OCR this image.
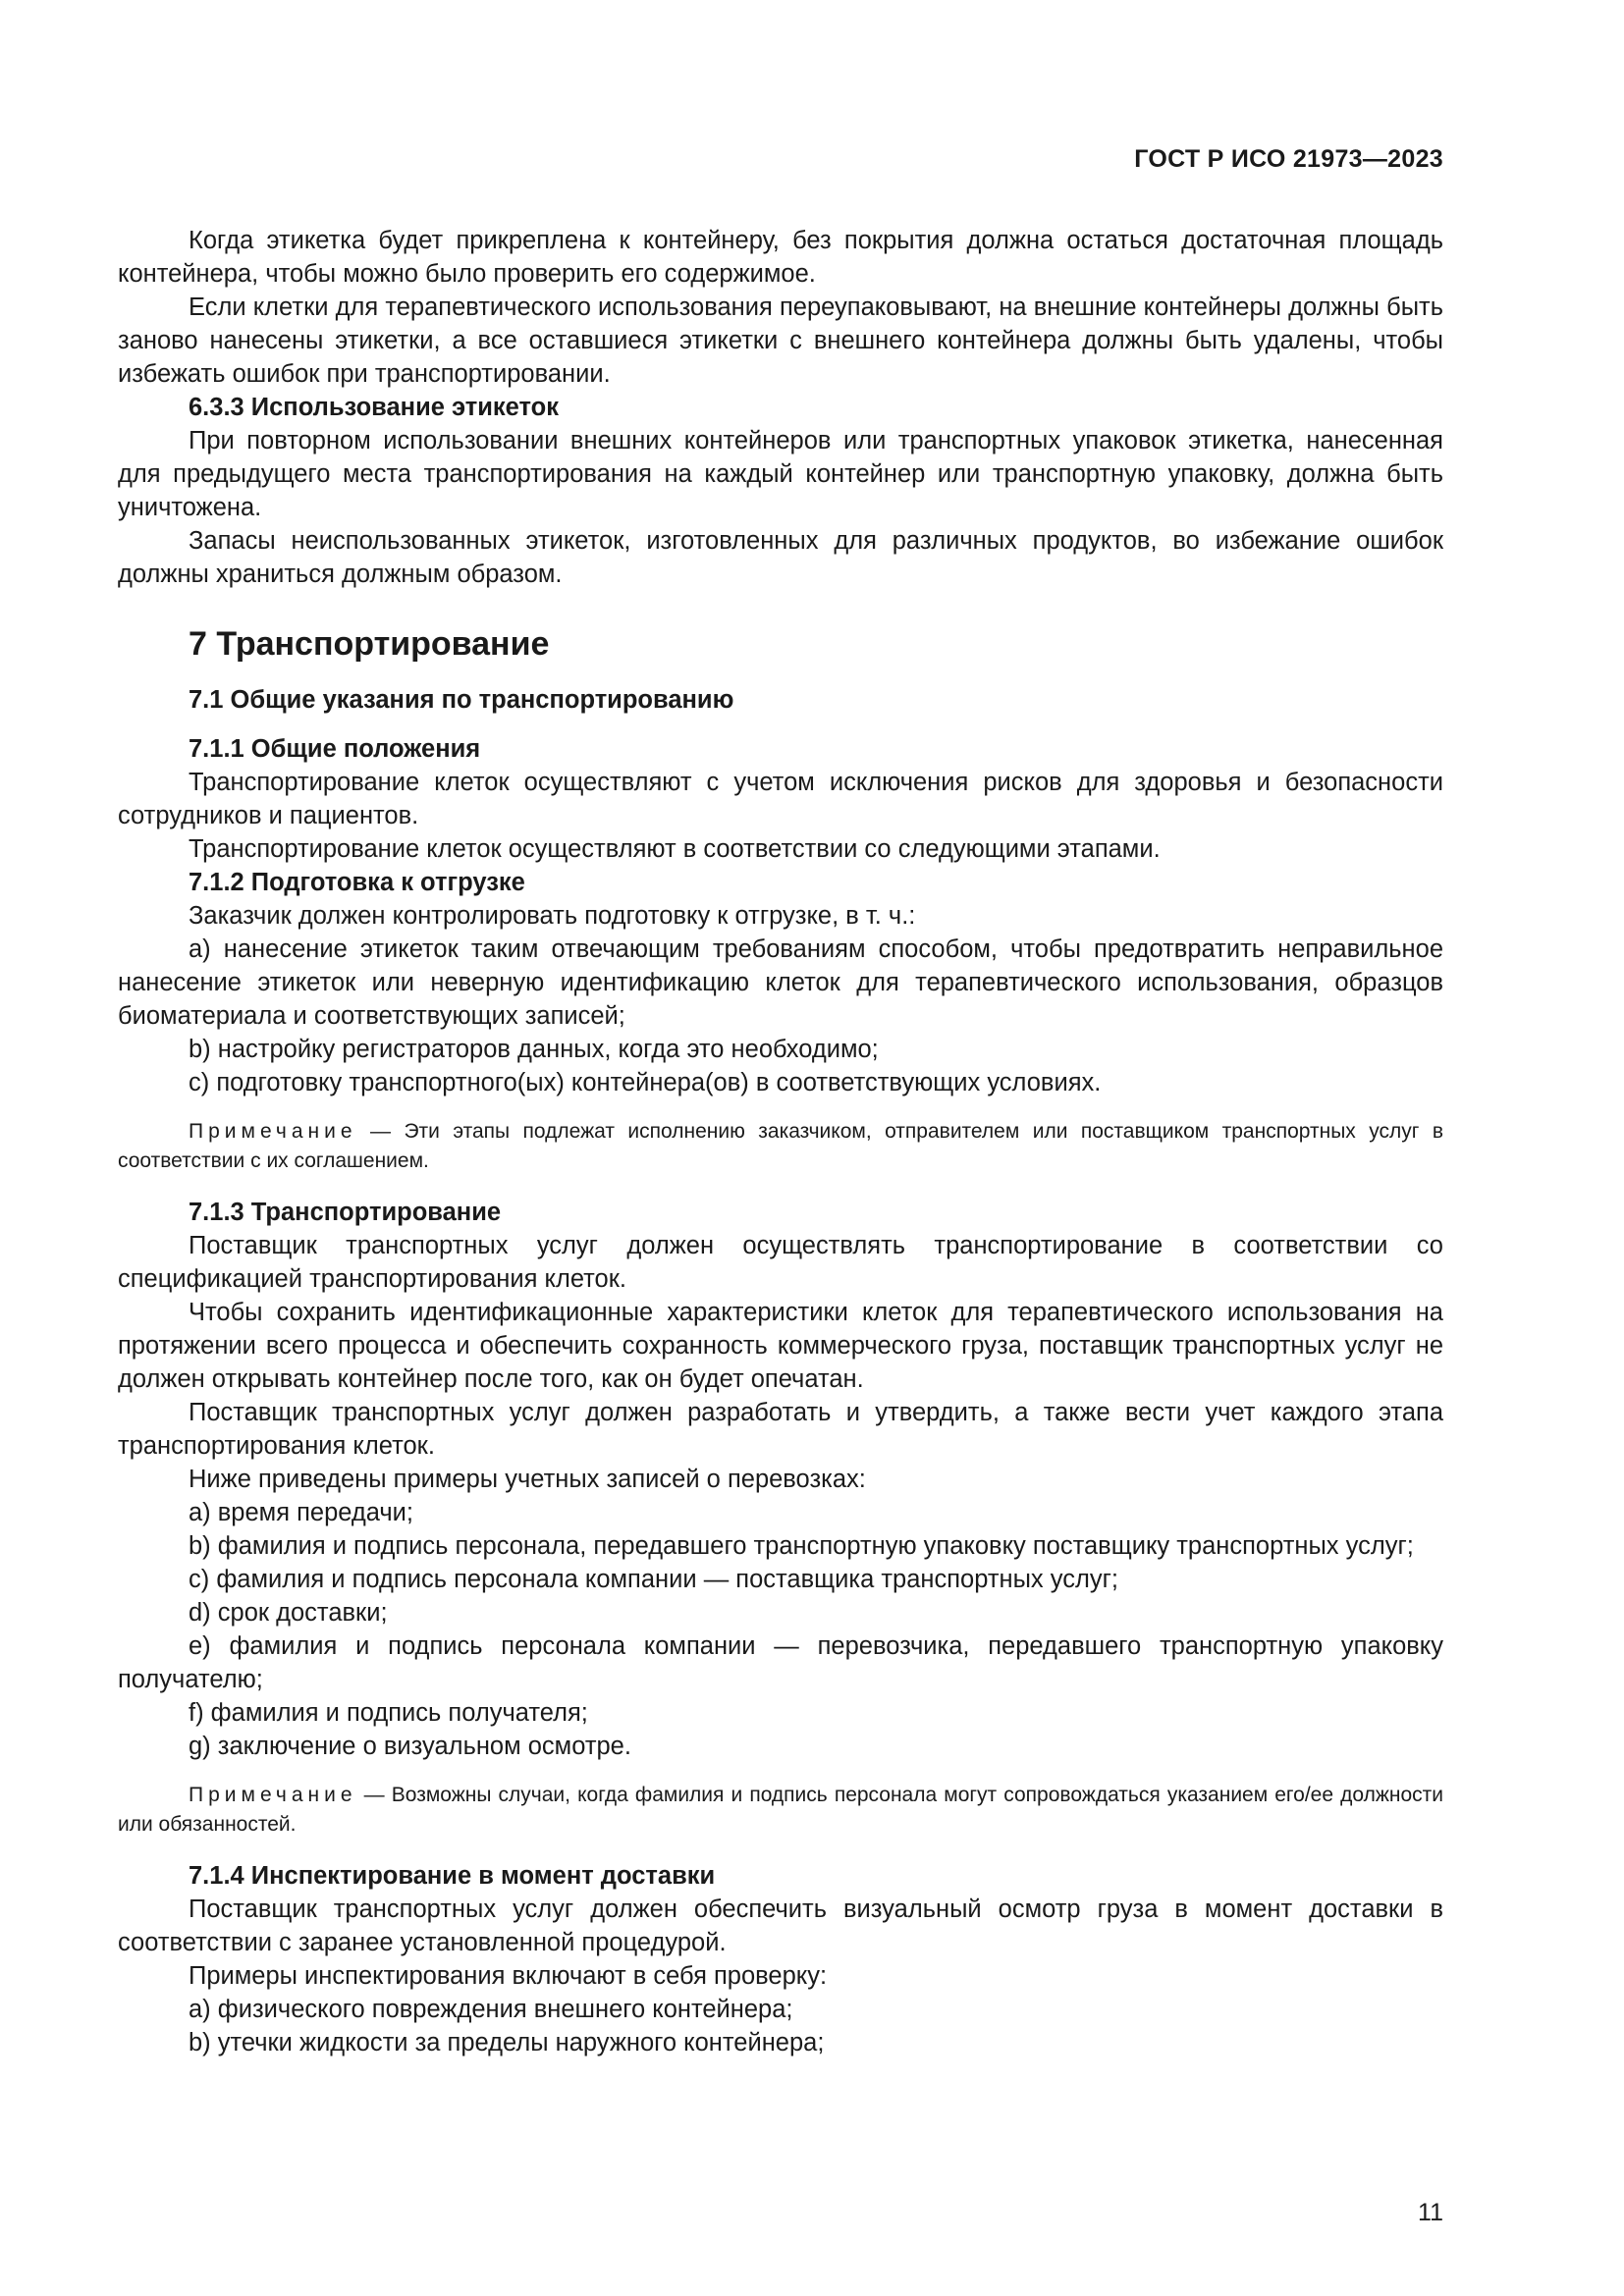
ГОСТ Р ИСО 21973—2023

Когда этикетка будет прикреплена к контейнеру, без покрытия должна остаться достаточная площадь контейнера, чтобы можно было проверить его содержимое.

Если клетки для терапевтического использования переупаковывают, на внешние контейнеры должны быть заново нанесены этикетки, а все оставшиеся этикетки с внешнего контейнера должны быть удалены, чтобы избежать ошибок при транспортировании.

6.3.3 Использование этикеток

При повторном использовании внешних контейнеров или транспортных упаковок этикетка, нанесенная для предыдущего места транспортирования на каждый контейнер или транспортную упаковку, должна быть уничтожена.

Запасы неиспользованных этикеток, изготовленных для различных продуктов, во избежание ошибок должны храниться должным образом.

7 Транспортирование

7.1 Общие указания по транспортированию

7.1.1 Общие положения

Транспортирование клеток осуществляют с учетом исключения рисков для здоровья и безопасности сотрудников и пациентов.

Транспортирование клеток осуществляют в соответствии со следующими этапами.

7.1.2 Подготовка к отгрузке

Заказчик должен контролировать подготовку к отгрузке, в т. ч.:

a) нанесение этикеток таким отвечающим требованиям способом, чтобы предотвратить неправильное нанесение этикеток или неверную идентификацию клеток для терапевтического использования, образцов биоматериала и соответствующих записей;

b) настройку регистраторов данных, когда это необходимо;

c) подготовку транспортного(ых) контейнера(ов) в соответствующих условиях.

Примечание — Эти этапы подлежат исполнению заказчиком, отправителем или поставщиком транспортных услуг в соответствии с их соглашением.

7.1.3 Транспортирование

Поставщик транспортных услуг должен осуществлять транспортирование в соответствии со спецификацией транспортирования клеток.

Чтобы сохранить идентификационные характеристики клеток для терапевтического использования на протяжении всего процесса и обеспечить сохранность коммерческого груза, поставщик транспортных услуг не должен открывать контейнер после того, как он будет опечатан.

Поставщик транспортных услуг должен разработать и утвердить, а также вести учет каждого этапа транспортирования клеток.

Ниже приведены примеры учетных записей о перевозках:

a) время передачи;

b) фамилия и подпись персонала, передавшего транспортную упаковку поставщику транспортных услуг;

c) фамилия и подпись персонала компании — поставщика транспортных услуг;

d) срок доставки;

e) фамилия и подпись персонала компании — перевозчика, передавшего транспортную упаковку получателю;

f) фамилия и подпись получателя;

g) заключение о визуальном осмотре.

Примечание — Возможны случаи, когда фамилия и подпись персонала могут сопровождаться указанием его/ее должности или обязанностей.

7.1.4 Инспектирование в момент доставки

Поставщик транспортных услуг должен обеспечить визуальный осмотр груза в момент доставки в соответствии с заранее установленной процедурой.

Примеры инспектирования включают в себя проверку:

a) физического повреждения внешнего контейнера;

b) утечки жидкости за пределы наружного контейнера;

11
